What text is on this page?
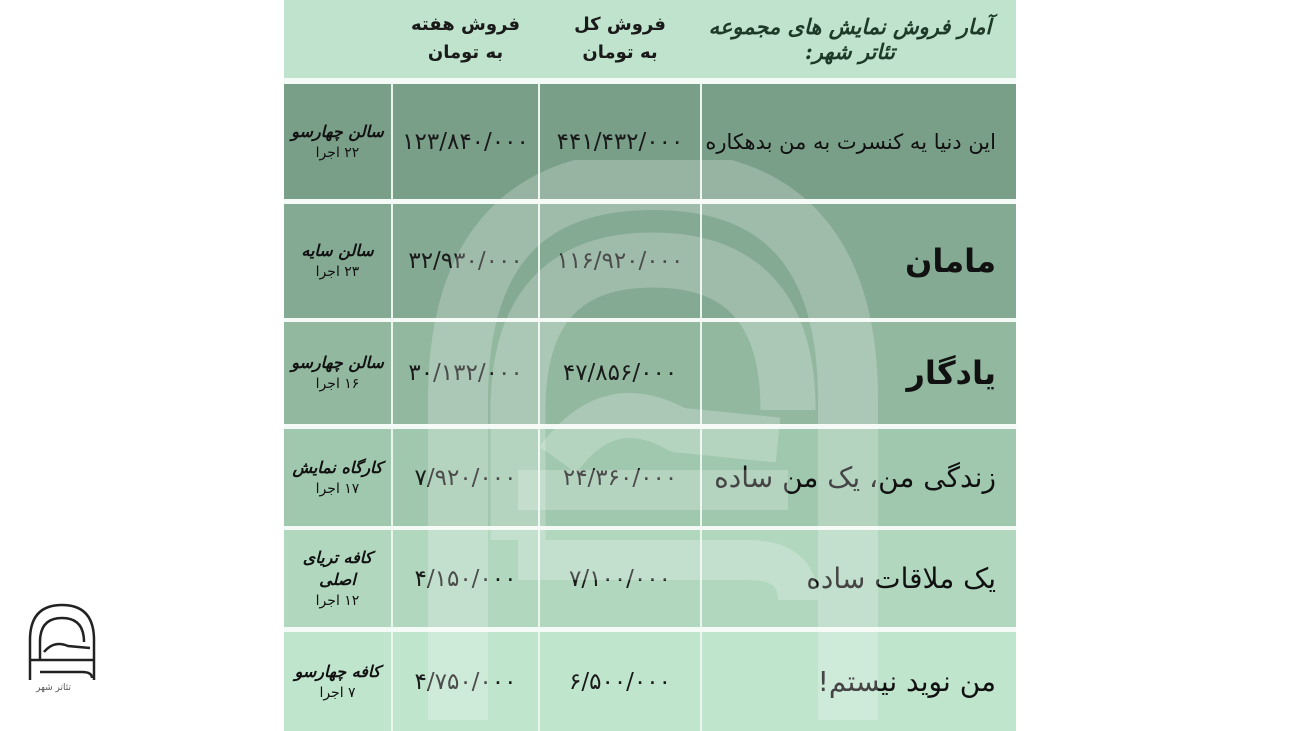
آمار فروش نمایش های مجموعه تئاتر شهر:
فروش کل
به تومان
فروش هفته
به تومان
این دنیا یه کنسرت به من بدهکاره
۴۴۱/۴۳۲/۰۰۰
۱۲۳/۸۴۰/۰۰۰
سالن چهارسو
۲۲ اجرا
مامان
۱۱۶/۹۲۰/۰۰۰
۳۲/۹۳۰/۰۰۰
سالن سایه
۲۳ اجرا
یادگار
۴۷/۸۵۶/۰۰۰
۳۰/۱۳۲/۰۰۰
سالن چهارسو
۱۶ اجرا
زندگی من، یک من ساده
۲۴/۳۶۰/۰۰۰
۷/۹۲۰/۰۰۰
کارگاه نمایش
۱۷ اجرا
یک ملاقات ساده
۷/۱۰۰/۰۰۰
۴/۱۵۰/۰۰۰
کافه تریای اصلی
۱۲ اجرا
من نوید نیستم!
۶/۵۰۰/۰۰۰
۴/۷۵۰/۰۰۰
کافه چهارسو
۷ اجرا
تئاتر شهر
